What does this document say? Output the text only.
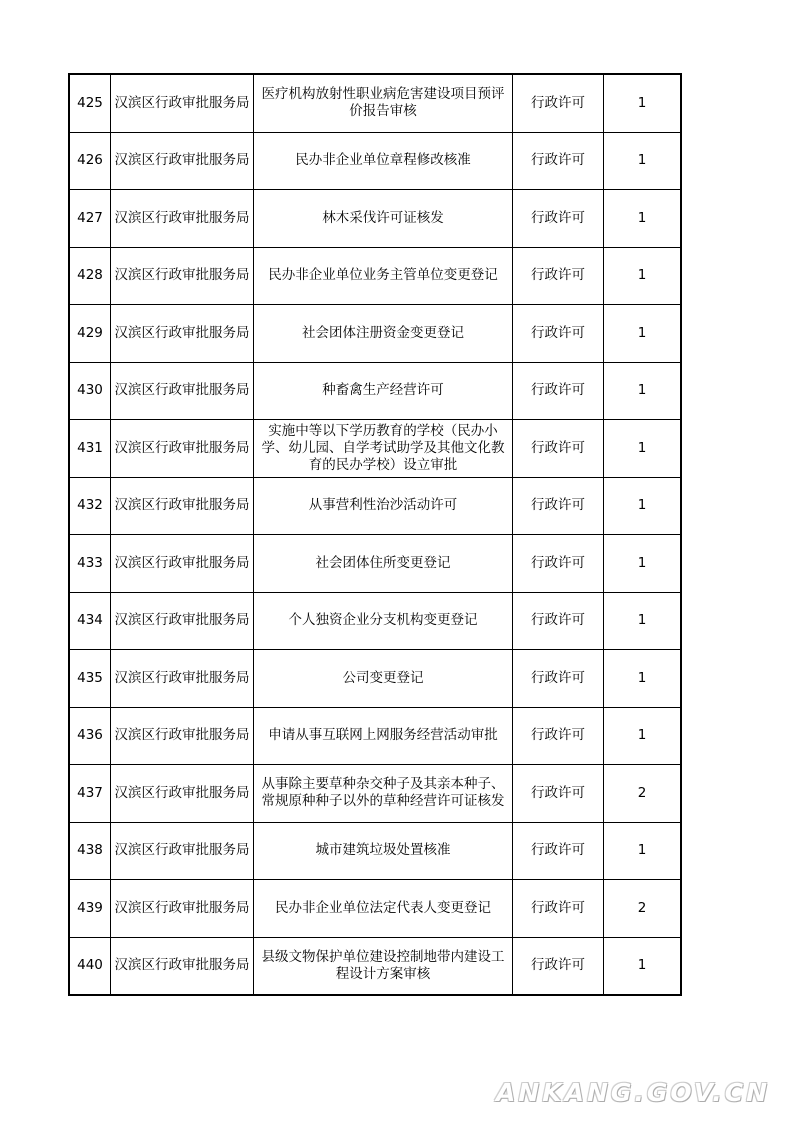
425	汉滨区行政审批服务局	医疗机构放射性职业病危害建设项目预评价报告审核	行政许可	1
426	汉滨区行政审批服务局	民办非企业单位章程修改核准	行政许可	1
427	汉滨区行政审批服务局	林木采伐许可证核发	行政许可	1
428	汉滨区行政审批服务局	民办非企业单位业务主管单位变更登记	行政许可	1
429	汉滨区行政审批服务局	社会团体注册资金变更登记	行政许可	1
430	汉滨区行政审批服务局	种畜禽生产经营许可	行政许可	1
431	汉滨区行政审批服务局	实施中等以下学历教育的学校（民办小学、幼儿园、自学考试助学及其他文化教育的民办学校）设立审批	行政许可	1
432	汉滨区行政审批服务局	从事营利性治沙活动许可	行政许可	1
433	汉滨区行政审批服务局	社会团体住所变更登记	行政许可	1
434	汉滨区行政审批服务局	个人独资企业分支机构变更登记	行政许可	1
435	汉滨区行政审批服务局	公司变更登记	行政许可	1
436	汉滨区行政审批服务局	申请从事互联网上网服务经营活动审批	行政许可	1
437	汉滨区行政审批服务局	从事除主要草种杂交种子及其亲本种子、常规原种种子以外的草种经营许可证核发	行政许可	2
438	汉滨区行政审批服务局	城市建筑垃圾处置核准	行政许可	1
439	汉滨区行政审批服务局	民办非企业单位法定代表人变更登记	行政许可	2
440	汉滨区行政审批服务局	县级文物保护单位建设控制地带内建设工程设计方案审核	行政许可	1
ANKANG.GOV.CN
